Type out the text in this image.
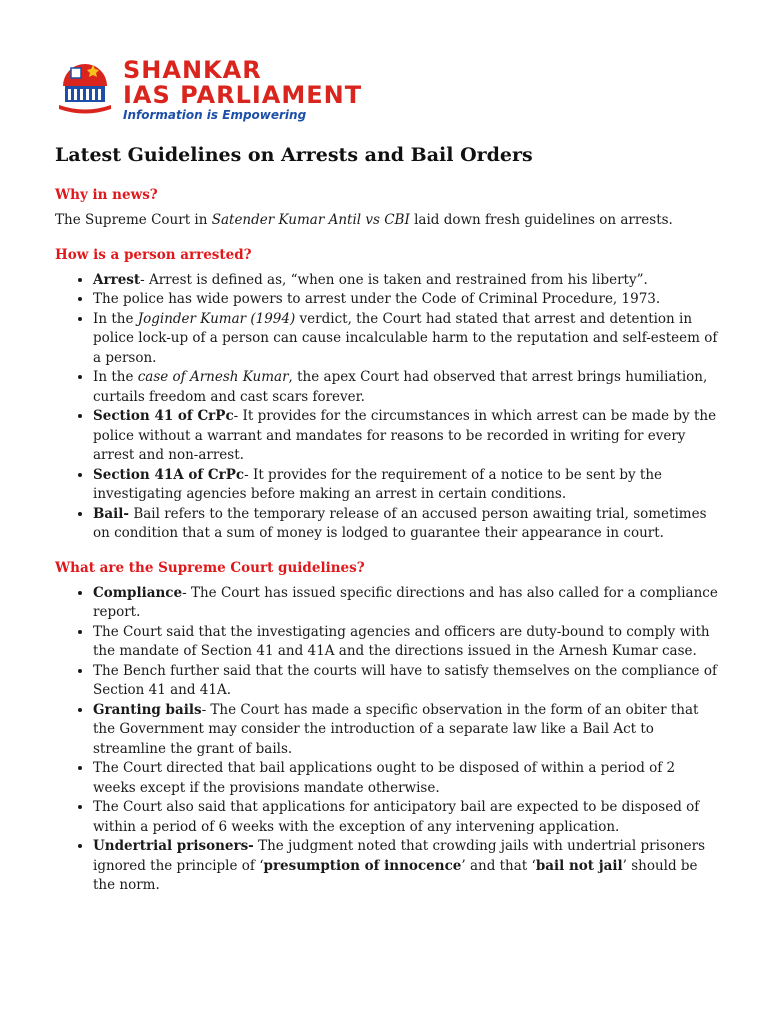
SHANKAR
IAS PARLIAMENT
Information is Empowering
Latest Guidelines on Arrests and Bail Orders
Why in news?

The Supreme Court in Satender Kumar Antil vs CBI laid down fresh guidelines on arrests.

How is a person arrested?
• Arrest- Arrest is defined as, “when one is taken and restrained from his liberty”.
• The police has wide powers to arrest under the Code of Criminal Procedure, 1973.
• In the Joginder Kumar (1994) verdict, the Court had stated that arrest and detention in police lock-up of a person can cause incalculable harm to the reputation and self-esteem of a person.
• In the case of Arnesh Kumar, the apex Court had observed that arrest brings humiliation, curtails freedom and cast scars forever.
• Section 41 of CrPc- It provides for the circumstances in which arrest can be made by the police without a warrant and mandates for reasons to be recorded in writing for every arrest and non-arrest.
• Section 41A of CrPc- It provides for the requirement of a notice to be sent by the investigating agencies before making an arrest in certain conditions.
• Bail- Bail refers to the temporary release of an accused person awaiting trial, sometimes on condition that a sum of money is lodged to guarantee their appearance in court.
What are the Supreme Court guidelines?
• Compliance- The Court has issued specific directions and has also called for a compliance report.
• The Court said that the investigating agencies and officers are duty-bound to comply with the mandate of Section 41 and 41A and the directions issued in the Arnesh Kumar case.
• The Bench further said that the courts will have to satisfy themselves on the compliance of Section 41 and 41A.
• Granting bails- The Court has made a specific observation in the form of an obiter that the Government may consider the introduction of a separate law like a Bail Act to streamline the grant of bails.
• The Court directed that bail applications ought to be disposed of within a period of 2 weeks except if the provisions mandate otherwise.
• The Court also said that applications for anticipatory bail are expected to be disposed of within a period of 6 weeks with the exception of any intervening application.
• Undertrial prisoners- The judgment noted that crowding jails with undertrial prisoners ignored the principle of ‘presumption of innocence’ and that ‘bail not jail’ should be the norm.
